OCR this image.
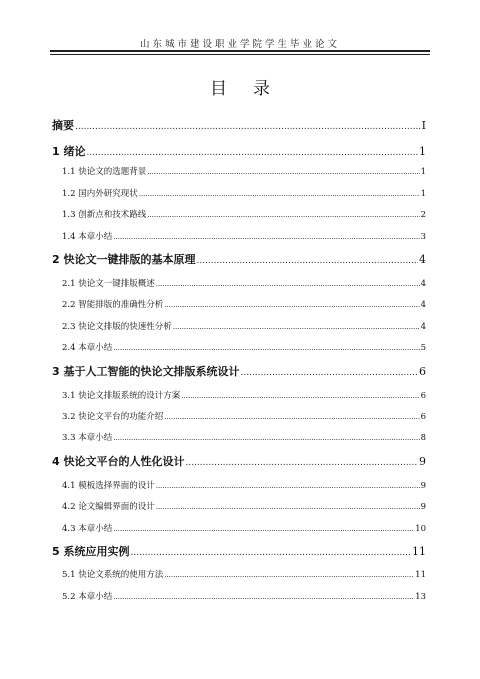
山东城市建设职业学院学生毕业论文
目录
摘要 .....	I
1 绪论 .....	1
1.1 快论文的选题背景 .....	1
1.2 国内外研究现状 .....	1
1.3 创新点和技术路线 .....	2
1.4 本章小结 .....	3
2 快论文一键排版的基本原理 .....	4
2.1 快论文一键排版概述 .....	4
2.2 智能排版的准确性分析 .....	4
2.3 快论文排版的快速性分析 .....	4
2.4 本章小结 .....	5
3 基于人工智能的快论文排版系统设计 .....	6
3.1 快论文排版系统的设计方案 .....	6
3.2 快论文平台的功能介绍 .....	6
3.3 本章小结 .....	8
4 快论文平台的人性化设计 .....	9
4.1 模板选择界面的设计 .....	9
4.2 论文编辑界面的设计 .....	9
4.3 本章小结 .....	10
5 系统应用实例 .....	11
5.1 快论文系统的使用方法 .....	11
5.2 本章小结 .....	13
